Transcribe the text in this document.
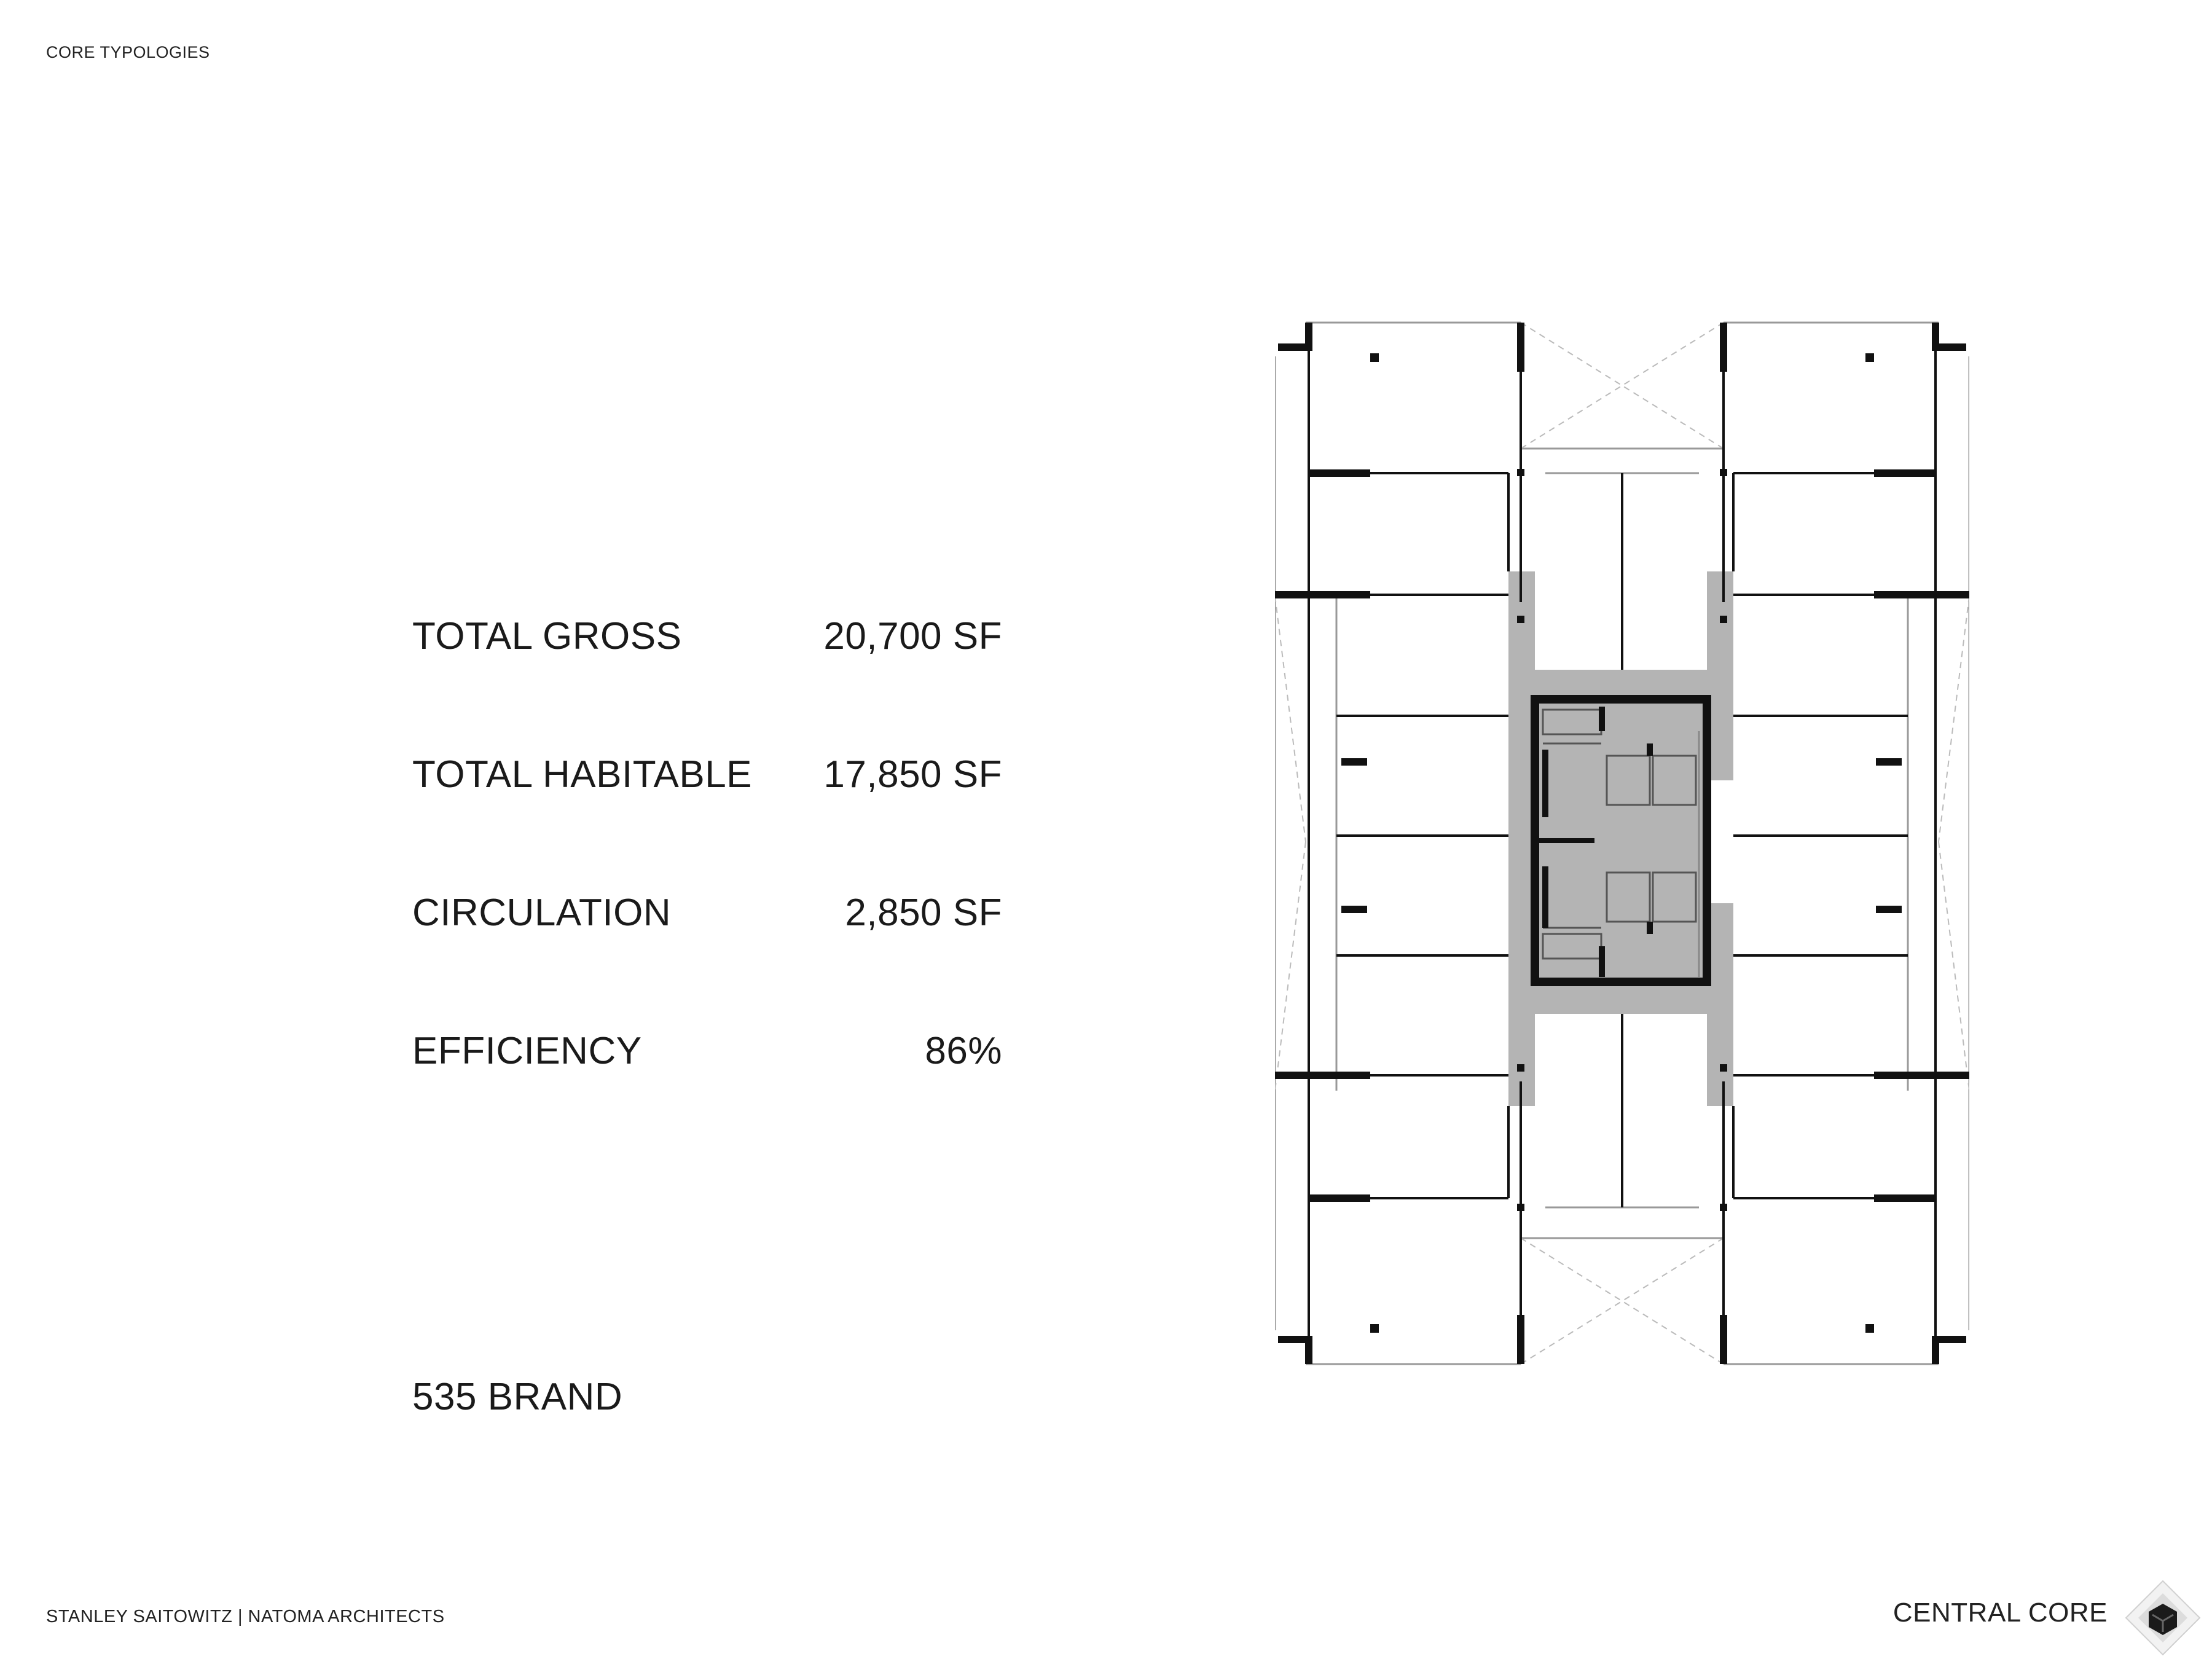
CORE TYPOLOGIES
TOTAL GROSS	20,700 SF
TOTAL HABITABLE 17,850 SF
CIRCULATION	2,850 SF
EFFICIENCY	86%
535 BRAND
STANLEY SAITOWITZ | NATOMA ARCHITECTS	CENTRAL CORE
